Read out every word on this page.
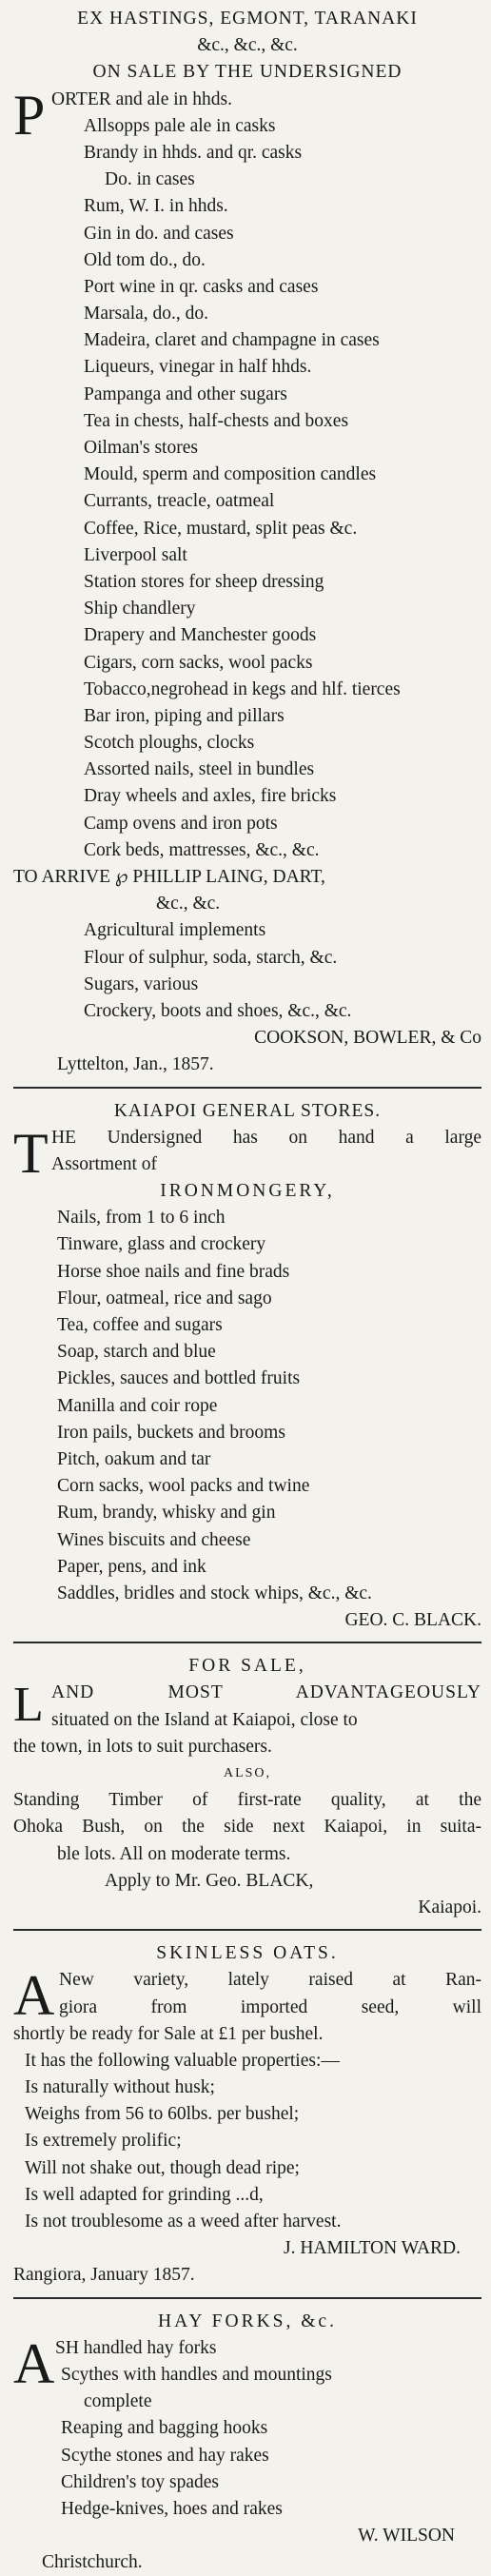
EX HASTINGS, EGMONT, TARANAKI
&c., &c., &c.
ON SALE BY THE UNDERSIGNED
P ORTER and ale in hhds.
Allsopps pale ale in casks
Brandy in hhds. and qr. casks
Do. in cases
Rum, W. I. in hhds.
Gin in do. and cases
Old tom do., do.
Port wine in qr. casks and cases
Marsala, do., do.
Madeira, claret and champagne in cases
Liqueurs, vinegar in half hhds.
Pampanga and other sugars
Tea in chests, half-chests and boxes
Oilman's stores
Mould, sperm and composition candles
Currants, treacle, oatmeal
Coffee, Rice, mustard, split peas &c.
Liverpool salt
Station stores for sheep dressing
Ship chandlery
Drapery and Manchester goods
Cigars, corn sacks, wool packs
Tobacco,negrohead in kegs and hlf. tierces
Bar iron, piping and pillars
Scotch ploughs, clocks
Assorted nails, steel in bundles
Dray wheels and axles, fire bricks
Camp ovens and iron pots
Cork beds, mattresses, &c., &c.
TO ARRIVE ℘ PHILLIP LAING, DART,
&c., &c.
Agricultural implements
Flour of sulphur, soda, starch, &c.
Sugars, various
Crockery, boots and shoes, &c., &c.
COOKSON, BOWLER, & Co
Lyttelton, Jan., 1857.
KAIAPOI GENERAL STORES.
T HE Undersigned has on hand a large
Assortment of
IRONMONGERY,
Nails, from 1 to 6 inch
Tinware, glass and crockery
Horse shoe nails and fine brads
Flour, oatmeal, rice and sago
Tea, coffee and sugars
Soap, starch and blue
Pickles, sauces and bottled fruits
Manilla and coir rope
Iron pails, buckets and brooms
Pitch, oakum and tar
Corn sacks, wool packs and twine
Rum, brandy, whisky and gin
Wines biscuits and cheese
Paper, pens, and ink
Saddles, bridles and stock whips, &c., &c.
GEO. C. BLACK.
FOR SALE,
L AND MOST ADVANTAGEOUSLY
situated on the Island at Kaiapoi, close to
the town, in lots to suit purchasers.
ALSO,
Standing Timber of first-rate quality, at the
Ohoka Bush, on the side next Kaiapoi, in suita-
ble lots. All on moderate terms.
Apply to Mr. Geo. BLACK,
Kaiapoi.
SKINLESS OATS.
A New variety, lately raised at Ran-
giora from imported seed, will
shortly be ready for Sale at £1 per bushel.
It has the following valuable properties:—
Is naturally without husk;
Weighs from 56 to 60lbs. per bushel;
Is extremely prolific;
Will not shake out, though dead ripe;
Is well adapted for grinding ...d,
Is not troublesome as a weed after harvest.
J. HAMILTON WARD.
Rangiora, January 1857.
HAY FORKS, &c.
A SH handled hay forks
Scythes with handles and mountings
complete
Reaping and bagging hooks
Scythe stones and hay rakes
Children's toy spades
Hedge-knives, hoes and rakes
W. WILSON
Christchurch.
